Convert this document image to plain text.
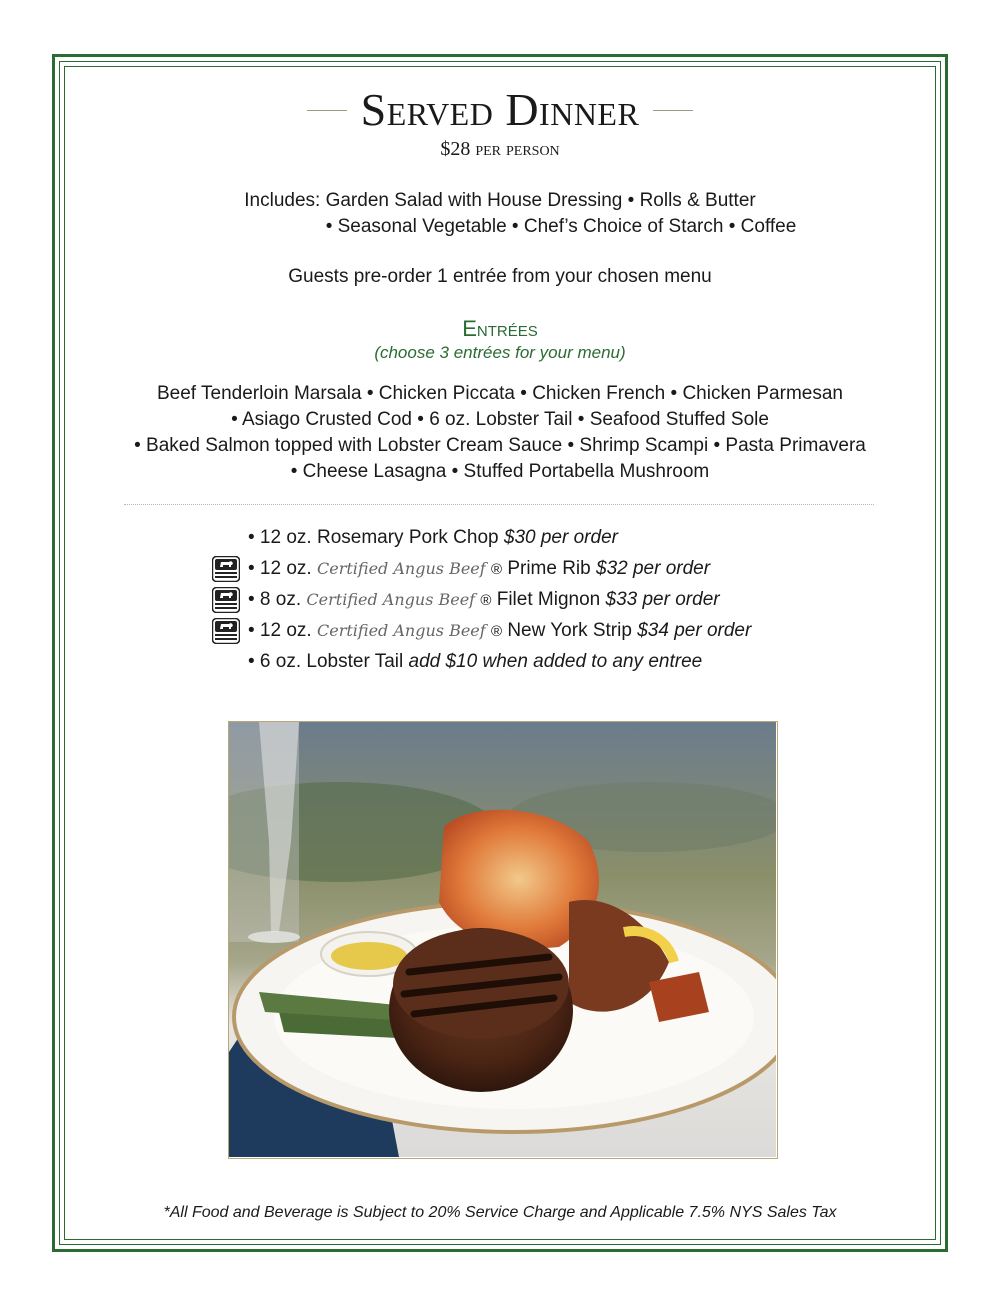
Served Dinner
$28 per person
Includes: Garden Salad with House Dressing • Rolls & Butter
• Seasonal Vegetable • Chef’s Choice of Starch • Coffee
Guests pre-order 1 entrée from your chosen menu
Entrées
(choose 3 entrées for your menu)
Beef Tenderloin Marsala • Chicken Piccata • Chicken French • Chicken Parmesan
• Asiago Crusted Cod • 6 oz. Lobster Tail • Seafood Stuffed Sole
• Baked Salmon topped with Lobster Cream Sauce • Shrimp Scampi • Pasta Primavera
• Cheese Lasagna • Stuffed Portabella Mushroom
• 12 oz. Rosemary Pork Chop $30 per order
• 12 oz. Certified Angus Beef ® Prime Rib $32 per order
• 8 oz. Certified Angus Beef ® Filet Mignon $33 per order
• 12 oz. Certified Angus Beef ® New York Strip $34 per order
• 6 oz. Lobster Tail add $10 when added to any entree
*All Food and Beverage is Subject to 20% Service Charge and Applicable 7.5% NYS Sales Tax
